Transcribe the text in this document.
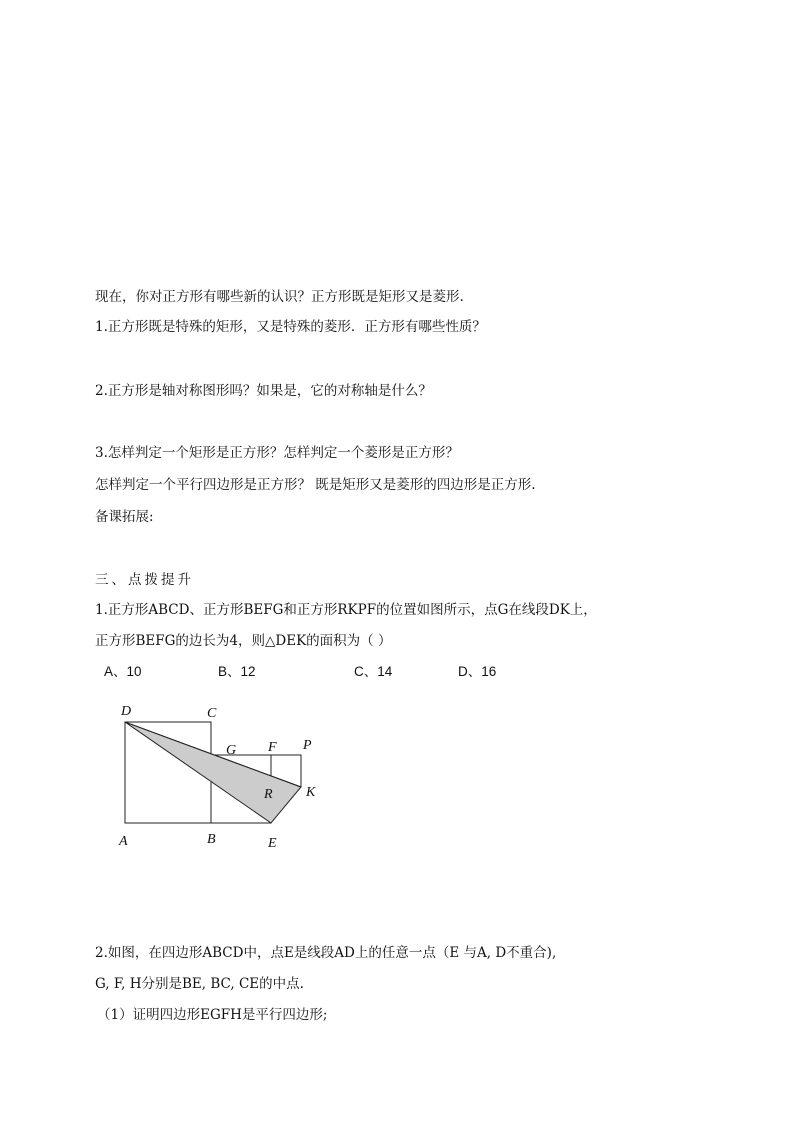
现在，你对正方形有哪些新的认识？正方形既是矩形又是菱形.
1.正方形既是特殊的矩形，又是特殊的菱形．正方形有哪些性质？
2.正方形是轴对称图形吗？如果是，它的对称轴是什么？
3.怎样判定一个矩形是正方形？怎样判定一个菱形是正方形？
怎样判定一个平行四边形是正方形？ 既是矩形又是菱形的四边形是正方形.
备课拓展:
三、点拨提升
1.正方形ABCD、正方形BEFG和正方形RKPF的位置如图所示，点G在线段DK上，
正方形BEFG的边长为4，则△DEK的面积为（ ）
A、10	B、12	C、14	D、16
D	C
G F P
R K
A	B	E
2.如图，在四边形ABCD中，点E是线段AD上的任意一点（E 与A, D不重合),
G, F, H分别是BE, BC, CE的中点.
（1）证明四边形EGFH是平行四边形;
